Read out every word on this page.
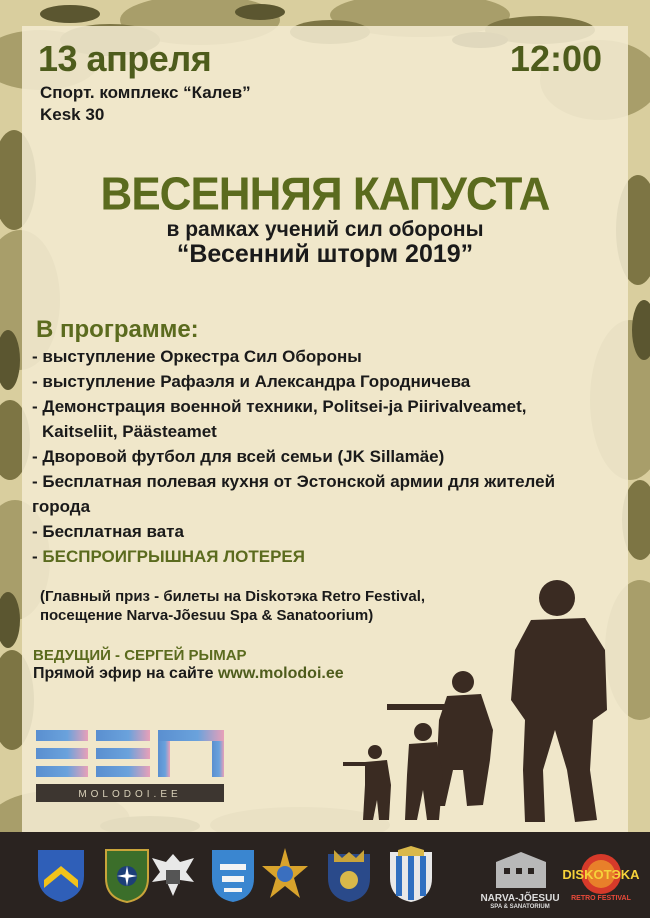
13 апреля	12:00
Спорт. комплекс “Калев”
Kesk 30
ВЕСЕННЯЯ КАПУСТА
в рамках учений сил обороны
“Весенний шторм 2019”
В программе:
- выступление Оркестра Сил Обороны
- выступление Рафаэля и Александра Городничева
- Демонстрация военной техники, Politsei-ja Piirivalveamet,
Kaitseliit, Päästeamet
- Дворовой футбол для всей семьи (JK Sillamäe)
- Бесплатная полевая кухня от Эстонской армии для жителей
города
- Бесплатная вата
- БЕСПРОИГРЫШНАЯ ЛОТЕРЕЯ
(Главный приз - билеты на Diskoтэка Retro Festival,
посещение Narva-Jõesuu Spa & Sanatoorium)
ВЕДУЩИЙ - СЕРГЕЙ РЫМАР
Прямой эфир на сайте www.molodoi.ee
MOLODOI.EE
NARVA-JÕESUU
SPA & SANATORIUM
DISKOTЭKA
RETRO FESTIVAL
